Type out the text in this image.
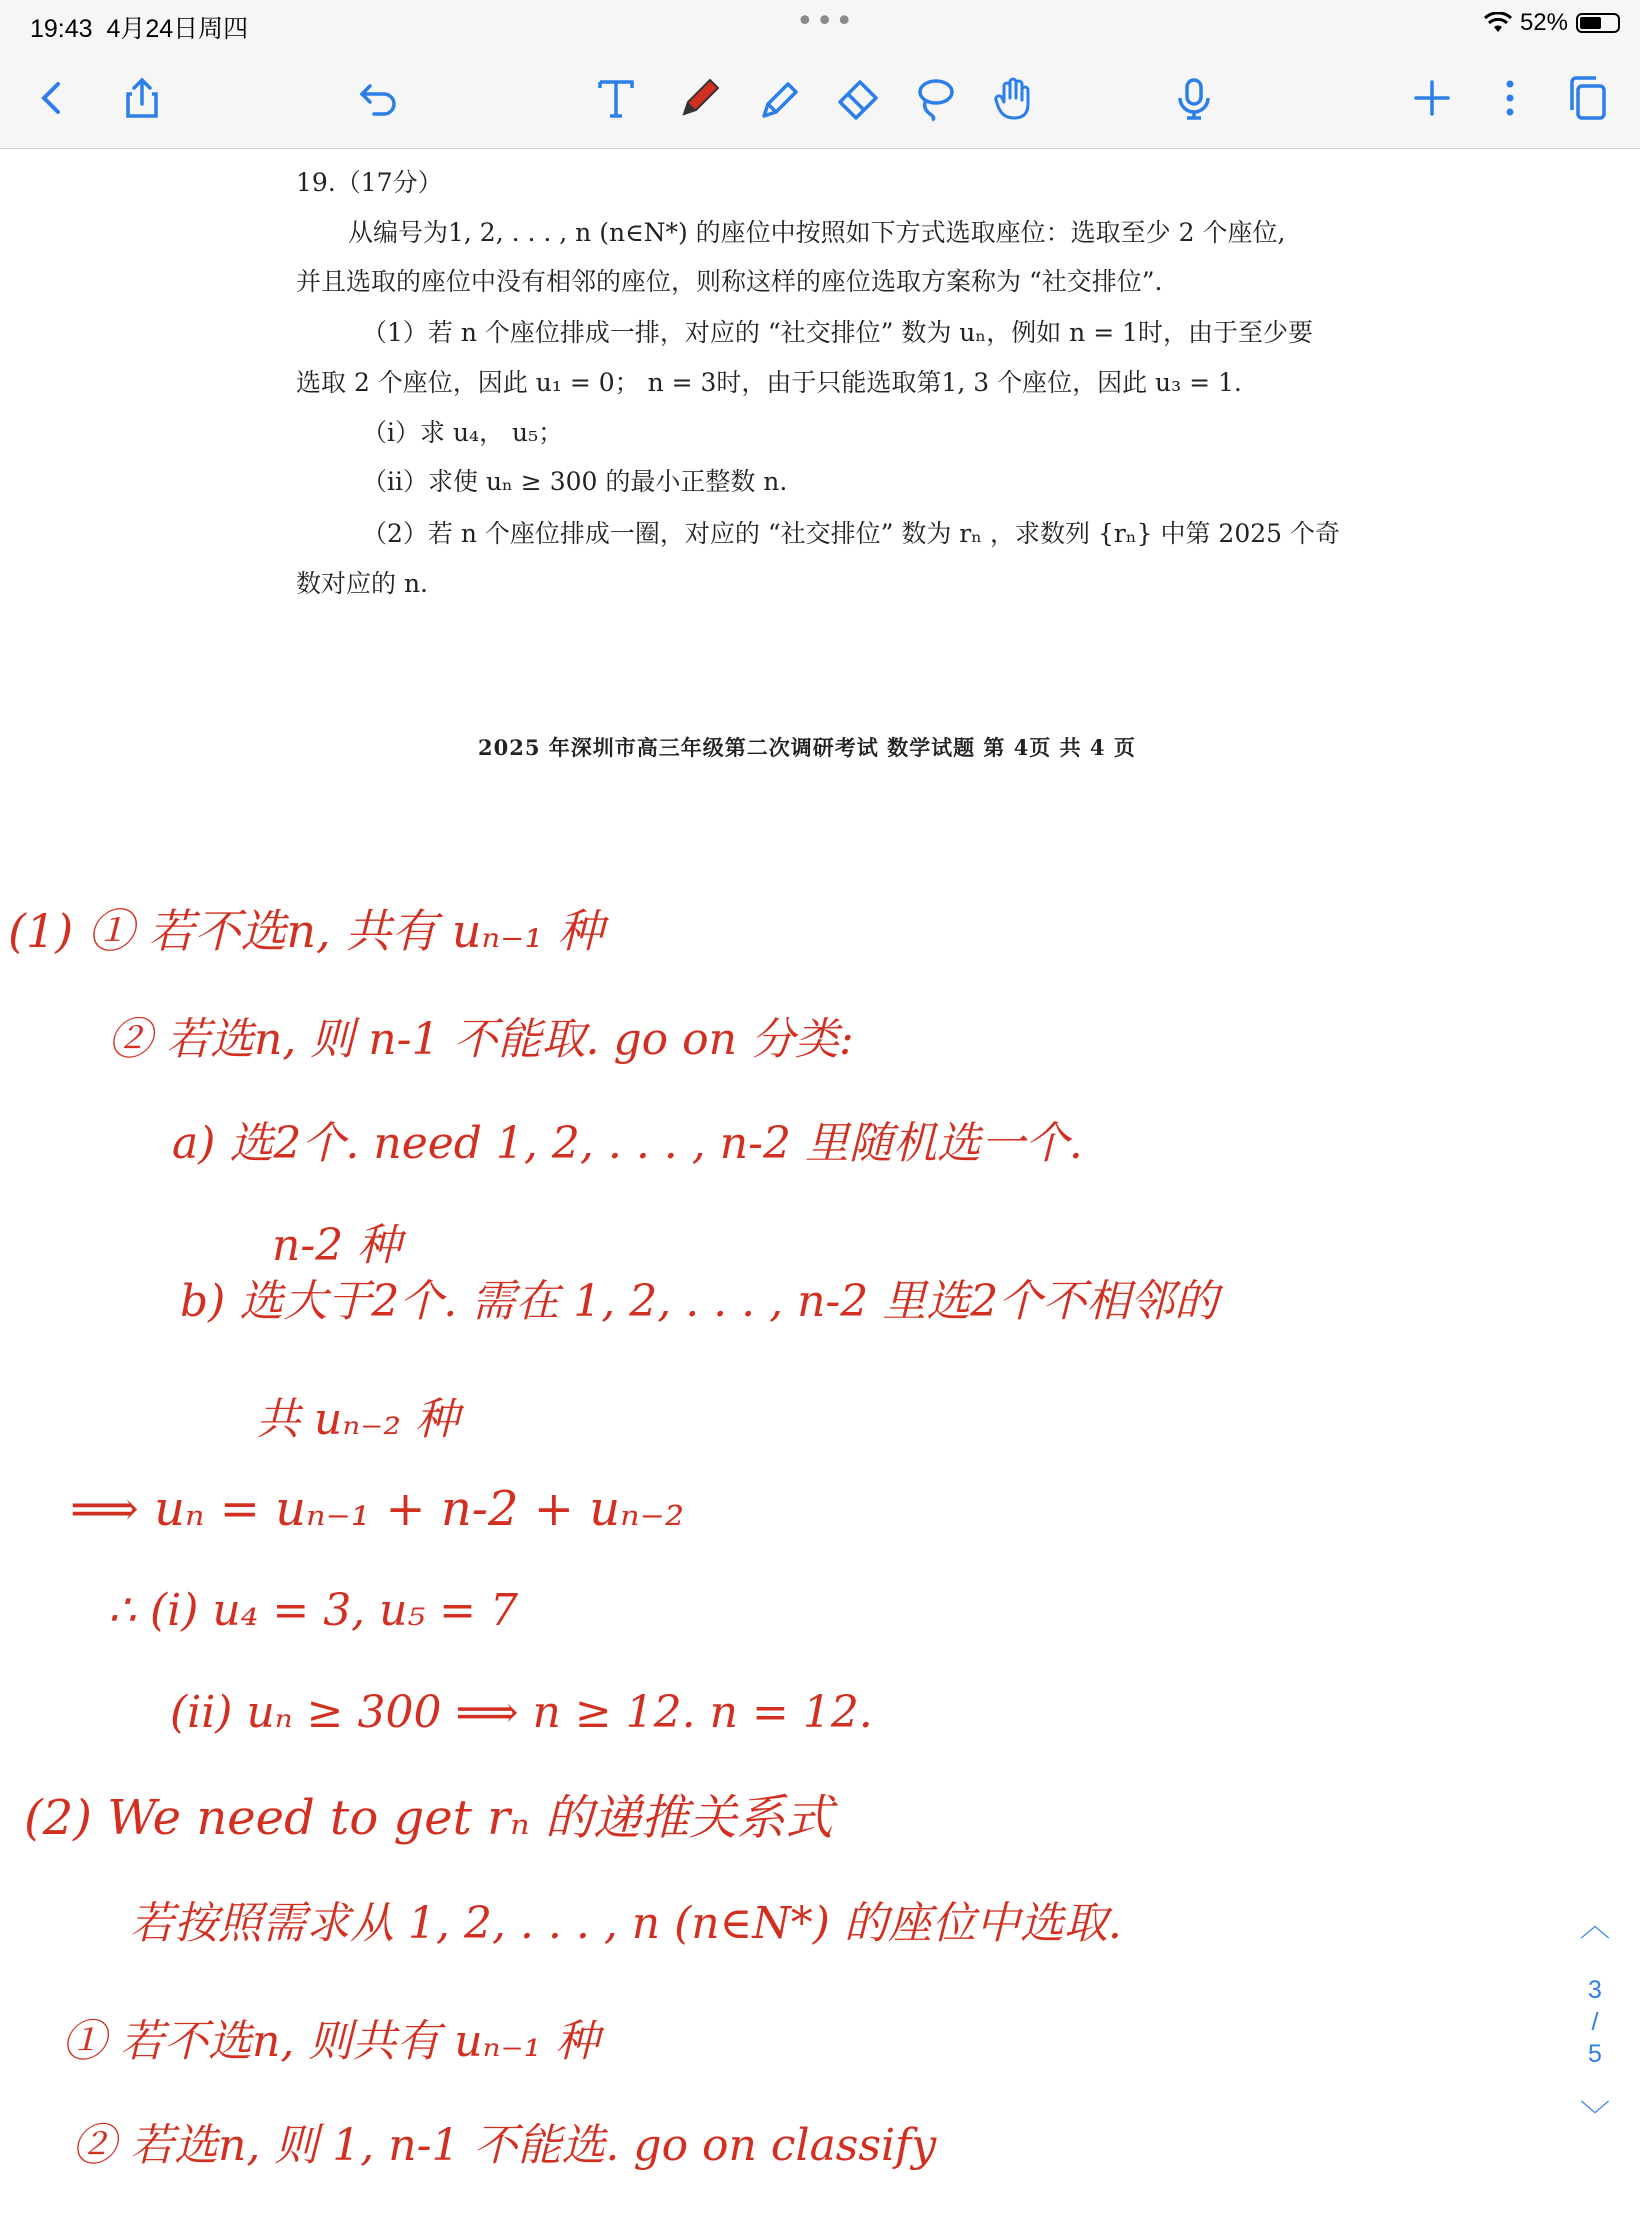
19:43 4月24日周四	•••	52%
19.（17分）
从编号为1, 2, . . . , n (n∈N*) 的座位中按照如下方式选取座位：选取至少 2 个座位,
并且选取的座位中没有相邻的座位，则称这样的座位选取方案称为 “社交排位”.
（1）若 n 个座位排成一排，对应的 “社交排位” 数为 uₙ，例如 n = 1时，由于至少要
选取 2 个座位，因此 u₁ = 0； n = 3时，由于只能选取第1, 3 个座位，因此 u₃ = 1.
（i）求 u₄， u₅；
（ii）求使 uₙ ≥ 300 的最小正整数 n.
（2）若 n 个座位排成一圈，对应的 “社交排位” 数为 rₙ ，求数列 {rₙ} 中第 2025 个奇
数对应的 n.
2025 年深圳市高三年级第二次调研考试 数学试题 第 4页 共 4 页
(1) ① 若不选n, 共有 uₙ₋₁ 种
② 若选n, 则 n-1 不能取. go on 分类:
a) 选2个. need 1, 2, . . . , n-2 里随机选一个.
n-2 种
b) 选大于2个. 需在 1, 2, . . . , n-2 里选2个不相邻的
共 uₙ₋₂ 种
⟹ uₙ = uₙ₋₁ + n-2 + uₙ₋₂
∴ (i) u₄ = 3, u₅ = 7
(ii) uₙ ≥ 300 ⟹ n ≥ 12. n = 12.
(2) We need to get rₙ 的递推关系式
若按照需求从 1, 2, . . . , n (n∈N*) 的座位中选取.
① 若不选n, 则共有 uₙ₋₁ 种
② 若选n, 则 1, n-1 不能选. go on classify
︿
3
/
5
﹀
